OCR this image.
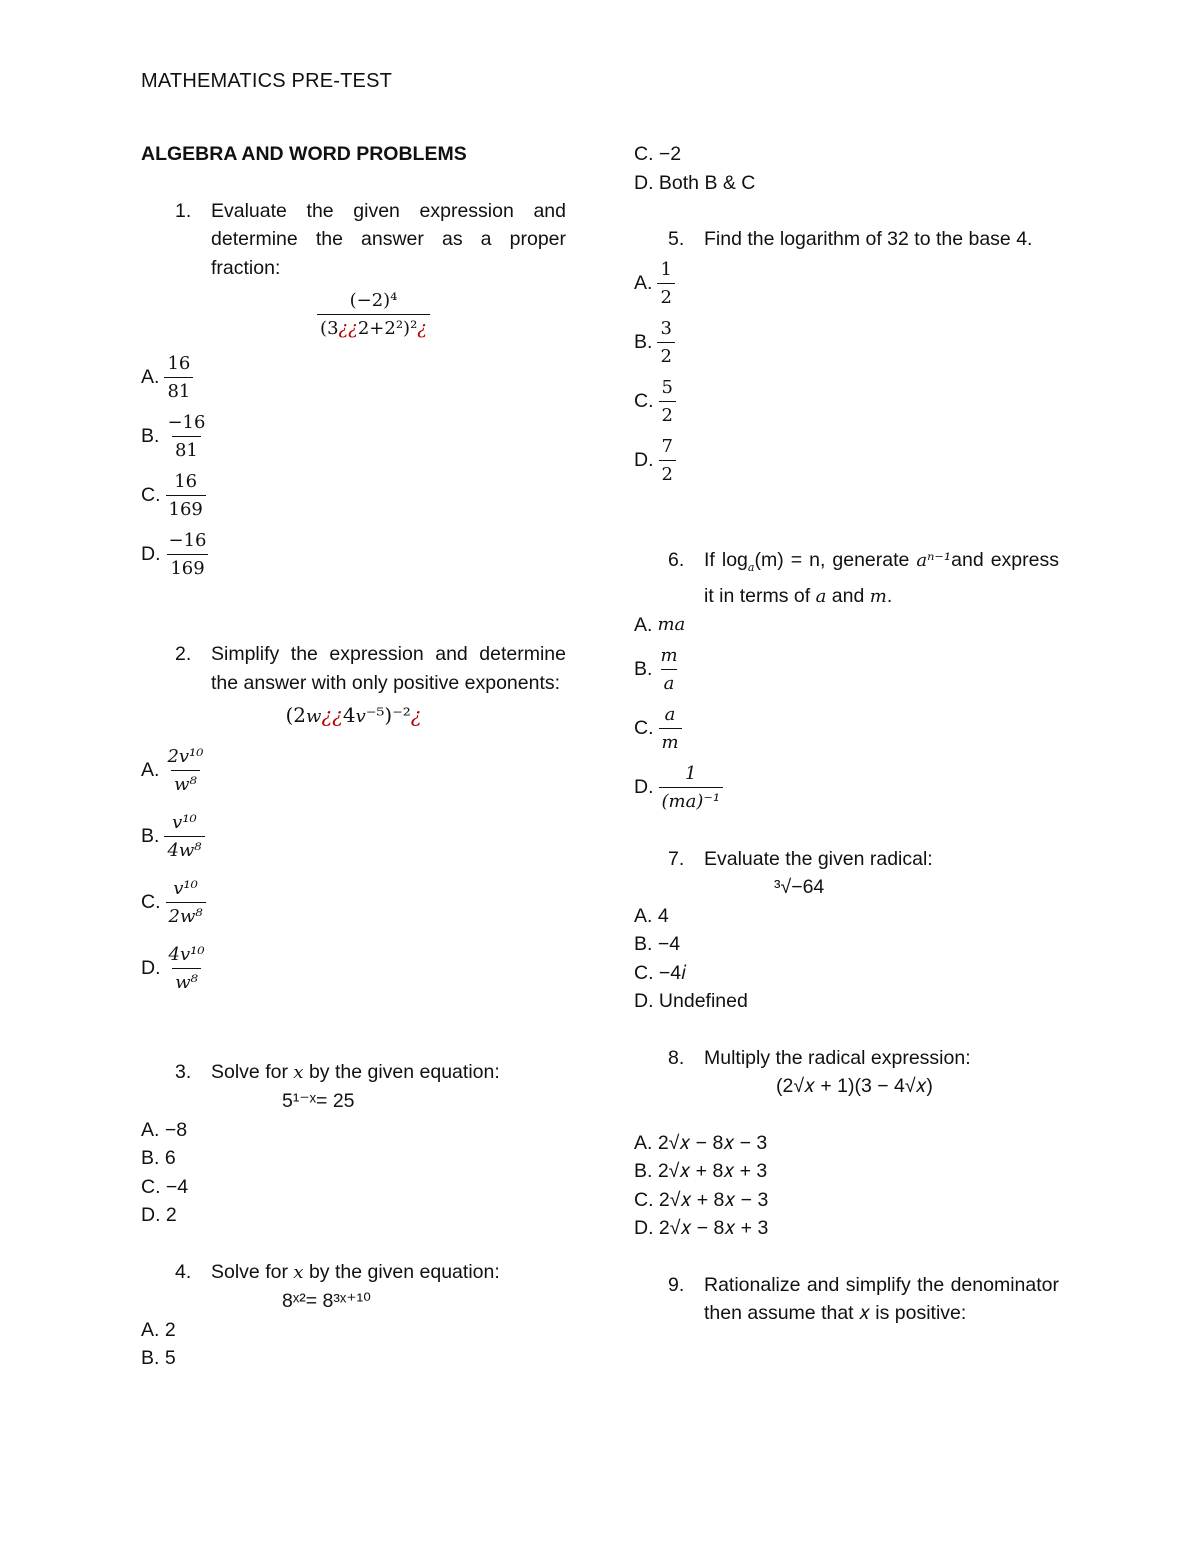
MATHEMATICS PRE-TEST
ALGEBRA AND WORD PROBLEMS
1.	Evaluate the given expression and determine the answer as a proper fraction:
$\frac{\text{(−2)⁴}}{\text{(3¿¿2+2²)²¿}}$
A. $\frac{16}{81}$
B. $\frac{-16}{81}$
C. $\frac{16}{169}$
D. $\frac{-16}{169}$
2.	Simplify the expression and determine the answer with only positive exponents:
(2w¿¿4v⁻⁵)⁻²¿
A. $\frac{\text{2v¹⁰}}{\text{w⁸}}$
B. $\frac{\text{v¹⁰}}{\text{4w⁸}}$
C. $\frac{\text{v¹⁰}}{\text{2w⁸}}$
D. $\frac{\text{4v¹⁰}}{\text{w⁸}}$
3.	Solve for x by the given equation:
5¹⁻ˣ= 25
A. −8
B. 6
C. −4
D. 2
4.	Solve for x by the given equation:
8ˣ²= 8³ˣ⁺¹⁰
A. 2
B. 5
C. −2
D. Both B & C
5.	Find the logarithm of 32 to the base 4.
A. $\frac{1}{2}$
B. $\frac{3}{2}$
C. $\frac{5}{2}$
D. $\frac{7}{2}$
6.	If $\log_a(m) = n$, generate aⁿ⁻¹and express it in terms of a and m.
A. ma
B. $\frac{m}{a}$
C. $\frac{a}{m}$
D. $\frac{1}{\text{(ma)⁻¹}}$
7.	Evaluate the given radical:
³√−64
A. 4
B. −4
C. −4𝑖
D. Undefined
8.	Multiply the radical expression:
(2√𝑥 + 1)(3 − 4√𝑥)
A. 2√𝑥 − 8𝑥 − 3
B. 2√𝑥 + 8𝑥 + 3
C. 2√𝑥 + 8𝑥 − 3
D. 2√𝑥 − 8𝑥 + 3
9.	Rationalize and simplify the denominator then assume that 𝑥 is positive:
